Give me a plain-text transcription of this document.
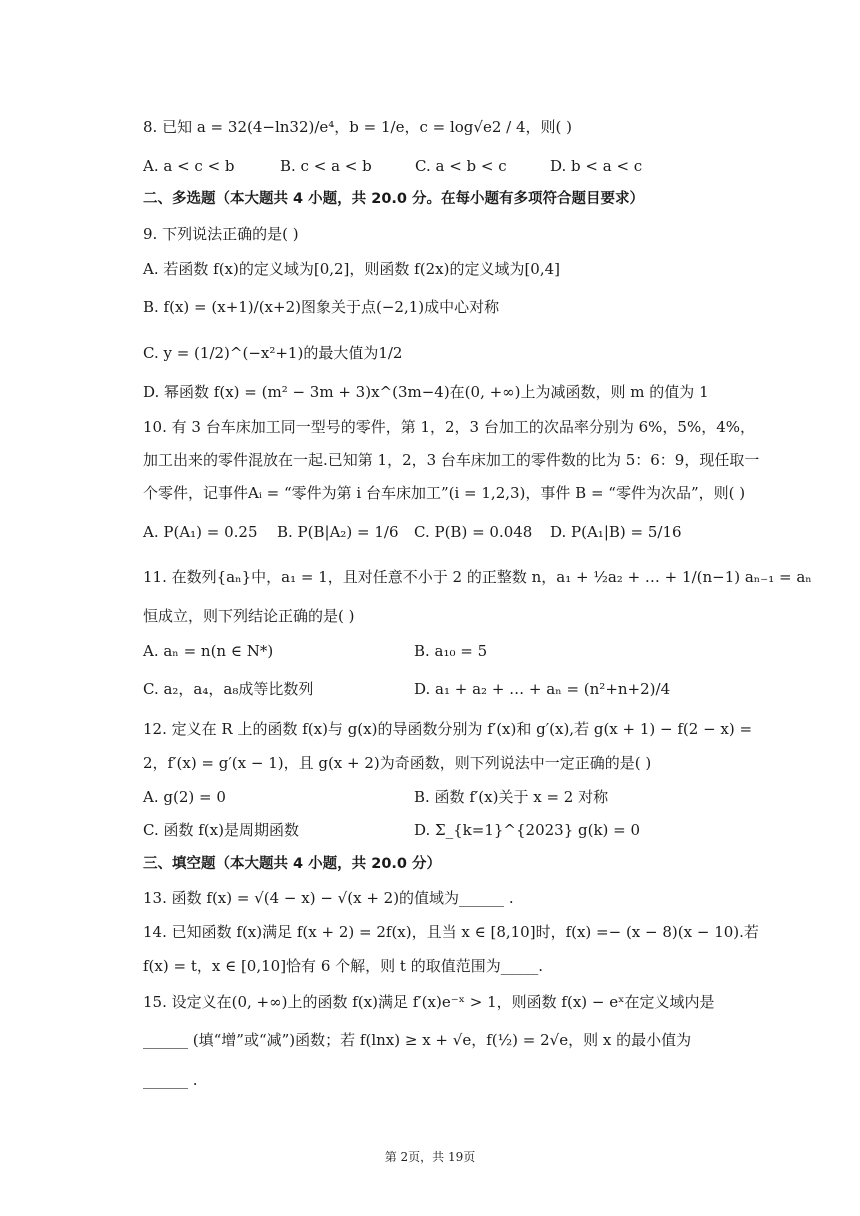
8. 已知 a = 32(4−ln32)/e⁴，b = 1/e，c = log√e2 / 4，则( )
A. a < c < b	B. c < a < b	C. a < b < c	D. b < a < c
二、多选题（本大题共 4 小题，共 20.0 分。在每小题有多项符合题目要求）
9. 下列说法正确的是( )
A. 若函数 f(x)的定义域为[0,2]，则函数 f(2x)的定义域为[0,4]
B. f(x) = (x+1)/(x+2)图象关于点(−2,1)成中心对称
C. y = (1/2)^(−x²+1)的最大值为1/2
D. 幂函数 f(x) = (m² − 3m + 3)x^(3m−4)在(0, +∞)上为减函数，则 m 的值为 1
10. 有 3 台车床加工同一型号的零件，第 1，2，3 台加工的次品率分别为 6%，5%，4%，
加工出来的零件混放在一起.已知第 1，2，3 台车床加工的零件数的比为 5：6：9，现任取一
个零件，记事件Aᵢ = “零件为第 i 台车床加工”(i = 1,2,3)，事件 B = “零件为次品”，则( )
A. P(A₁) = 0.25 B. P(B|A₂) = 1/6 C. P(B) = 0.048 D. P(A₁|B) = 5/16
11. 在数列{aₙ}中，a₁ = 1，且对任意不小于 2 的正整数 n，a₁ + ½a₂ + … + 1/(n−1) aₙ₋₁ = aₙ
恒成立，则下列结论正确的是( )
A. aₙ = n(n ∈ N*)	B. a₁₀ = 5
C. a₂，a₄，a₈成等比数列	D. a₁ + a₂ + … + aₙ = (n²+n+2)/4
12. 定义在 R 上的函数 f(x)与 g(x)的导函数分别为 f′(x)和 g′(x),若 g(x + 1) − f(2 − x) =
2，f′(x) = g′(x − 1)，且 g(x + 2)为奇函数，则下列说法中一定正确的是( )
A. g(2) = 0	B. 函数 f′(x)关于 x = 2 对称
C. 函数 f(x)是周期函数	D. Σ_{k=1}^{2023} g(k) = 0
三、填空题（本大题共 4 小题，共 20.0 分）
13. 函数 f(x) = √(4 − x) − √(x + 2)的值域为______ .
14. 已知函数 f(x)满足 f(x + 2) = 2f(x)，且当 x ∈ [8,10]时，f(x) =− (x − 8)(x − 10).若
f(x) = t，x ∈ [0,10]恰有 6 个解，则 t 的取值范围为_____.
15. 设定义在(0, +∞)上的函数 f(x)满足 f′(x)e⁻ˣ > 1，则函数 f(x) − eˣ在定义域内是
______ (填“增”或“减”)函数；若 f(lnx) ≥ x + √e，f(½) = 2√e，则 x 的最小值为
______ .
第 2页，共 19页
